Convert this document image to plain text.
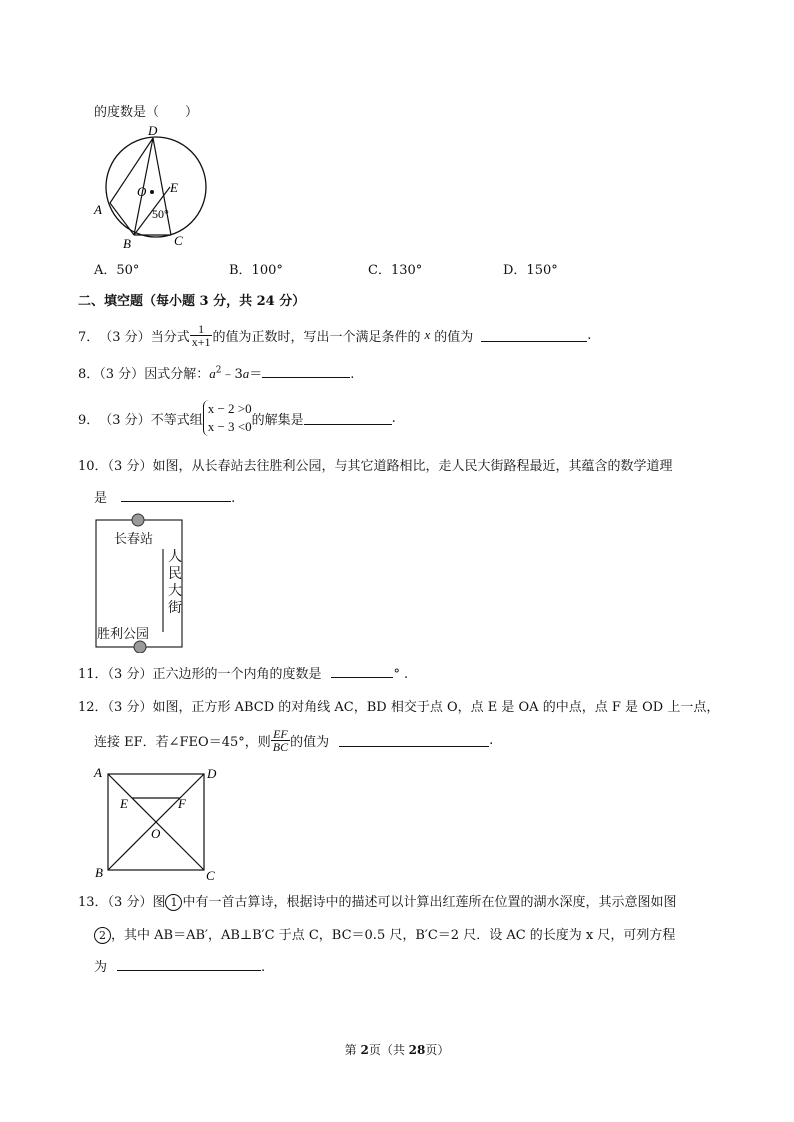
的度数是（　　）
D
O E
A
B	C
50°
A．50°	B．100°	C．130°	D．150°
二、填空题（每小题 3 分，共 24 分）
7． （3 分） 当分式 $\frac{1}{x+1}$ 的值为正数时，写出一个满足条件的 x 的值为	.
8．（3 分）因式分解：$a^2﹣3a=$	.
9． （3 分） 不等式组
x − 2 >0
x − 3 <0 的解集是	.
10．（3 分）如图，从长春站去往胜利公园，与其它道路相比，走人民大街路程最近，其蕴含的数学道理
是	.
长春站
人
民
大
街
胜利公园
11．（3 分）正六边形的一个内角的度数是	° .
12．（3 分）如图，正方形 ABCD 的对角线 AC，BD 相交于点 O，点 E 是 OA 的中点，点 F 是 OD 上一点，
连接 EF．若∠FEO＝45°，则 $\frac{EF}{BC}$ 的值为	.
A	D
E	F
O
B	C
13．（3 分）图 1 中有一首古算诗，根据诗中的描述可以计算出红莲所在位置的湖水深度，其示意图如图
2 ，其中 AB＝AB′，AB⊥B′C 于点 C，BC＝0.5 尺，B′C＝2 尺．设 AC 的长度为 x 尺，可列方程
为	.
第 2页（共 28页）
